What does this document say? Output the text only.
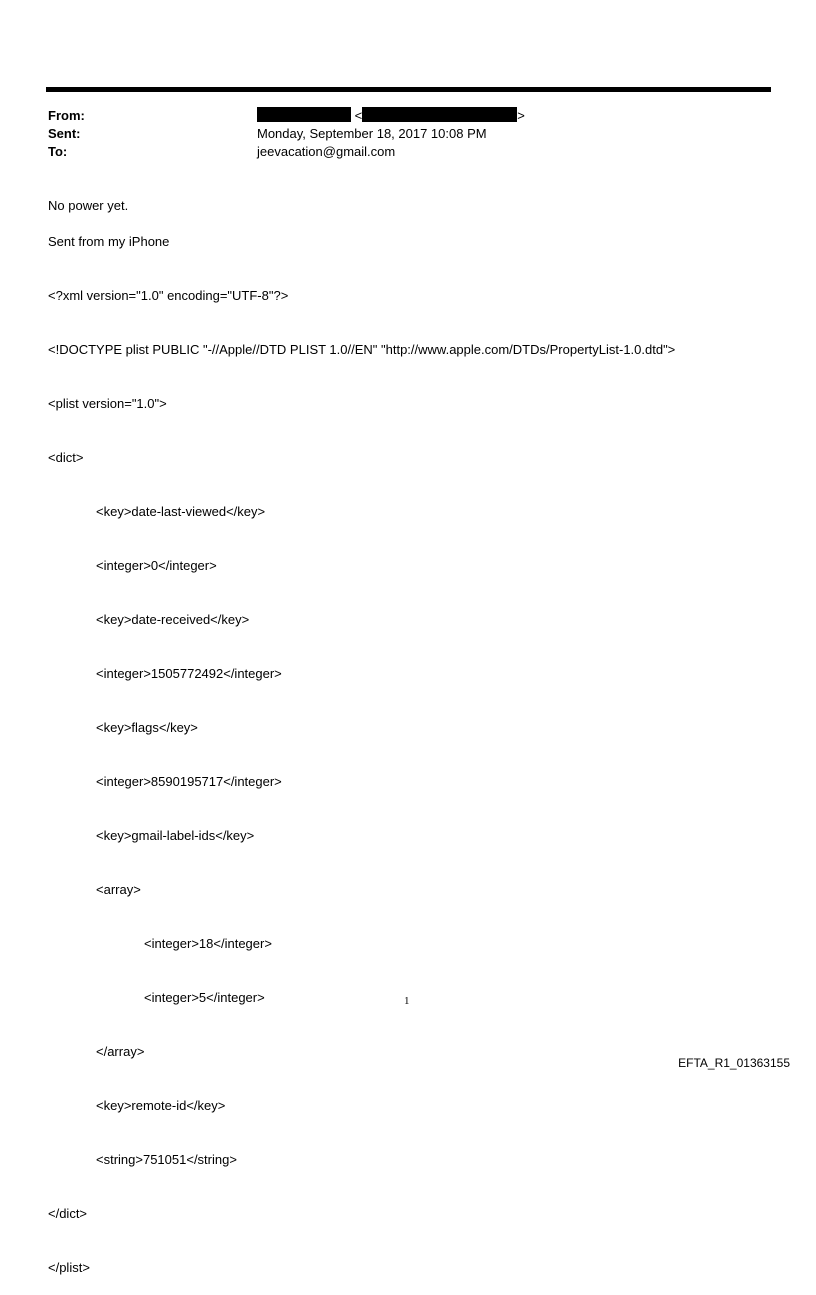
From:
Sent:
To:
<	>
Monday, September 18, 2017 10:08 PM
jeevacation@gmail.com
No power yet.
Sent from my iPhone

<?xml version="1.0" encoding="UTF-8"?>

<!DOCTYPE plist PUBLIC "-//Apple//DTD PLIST 1.0//EN" "http://www.apple.com/DTDs/PropertyList-1.0.dtd">

<plist version="1.0">

<dict>

<key>date-last-viewed</key>

<integer>0</integer>

<key>date-received</key>

<integer>1505772492</integer>

<key>flags</key>

<integer>8590195717</integer>

<key>gmail-label-ids</key>

<array>

<integer>18</integer>

<integer>5</integer>

</array>

<key>remote-id</key>

<string>751051</string>

</dict>

</plist>

1
EFTA_R1_01363155
